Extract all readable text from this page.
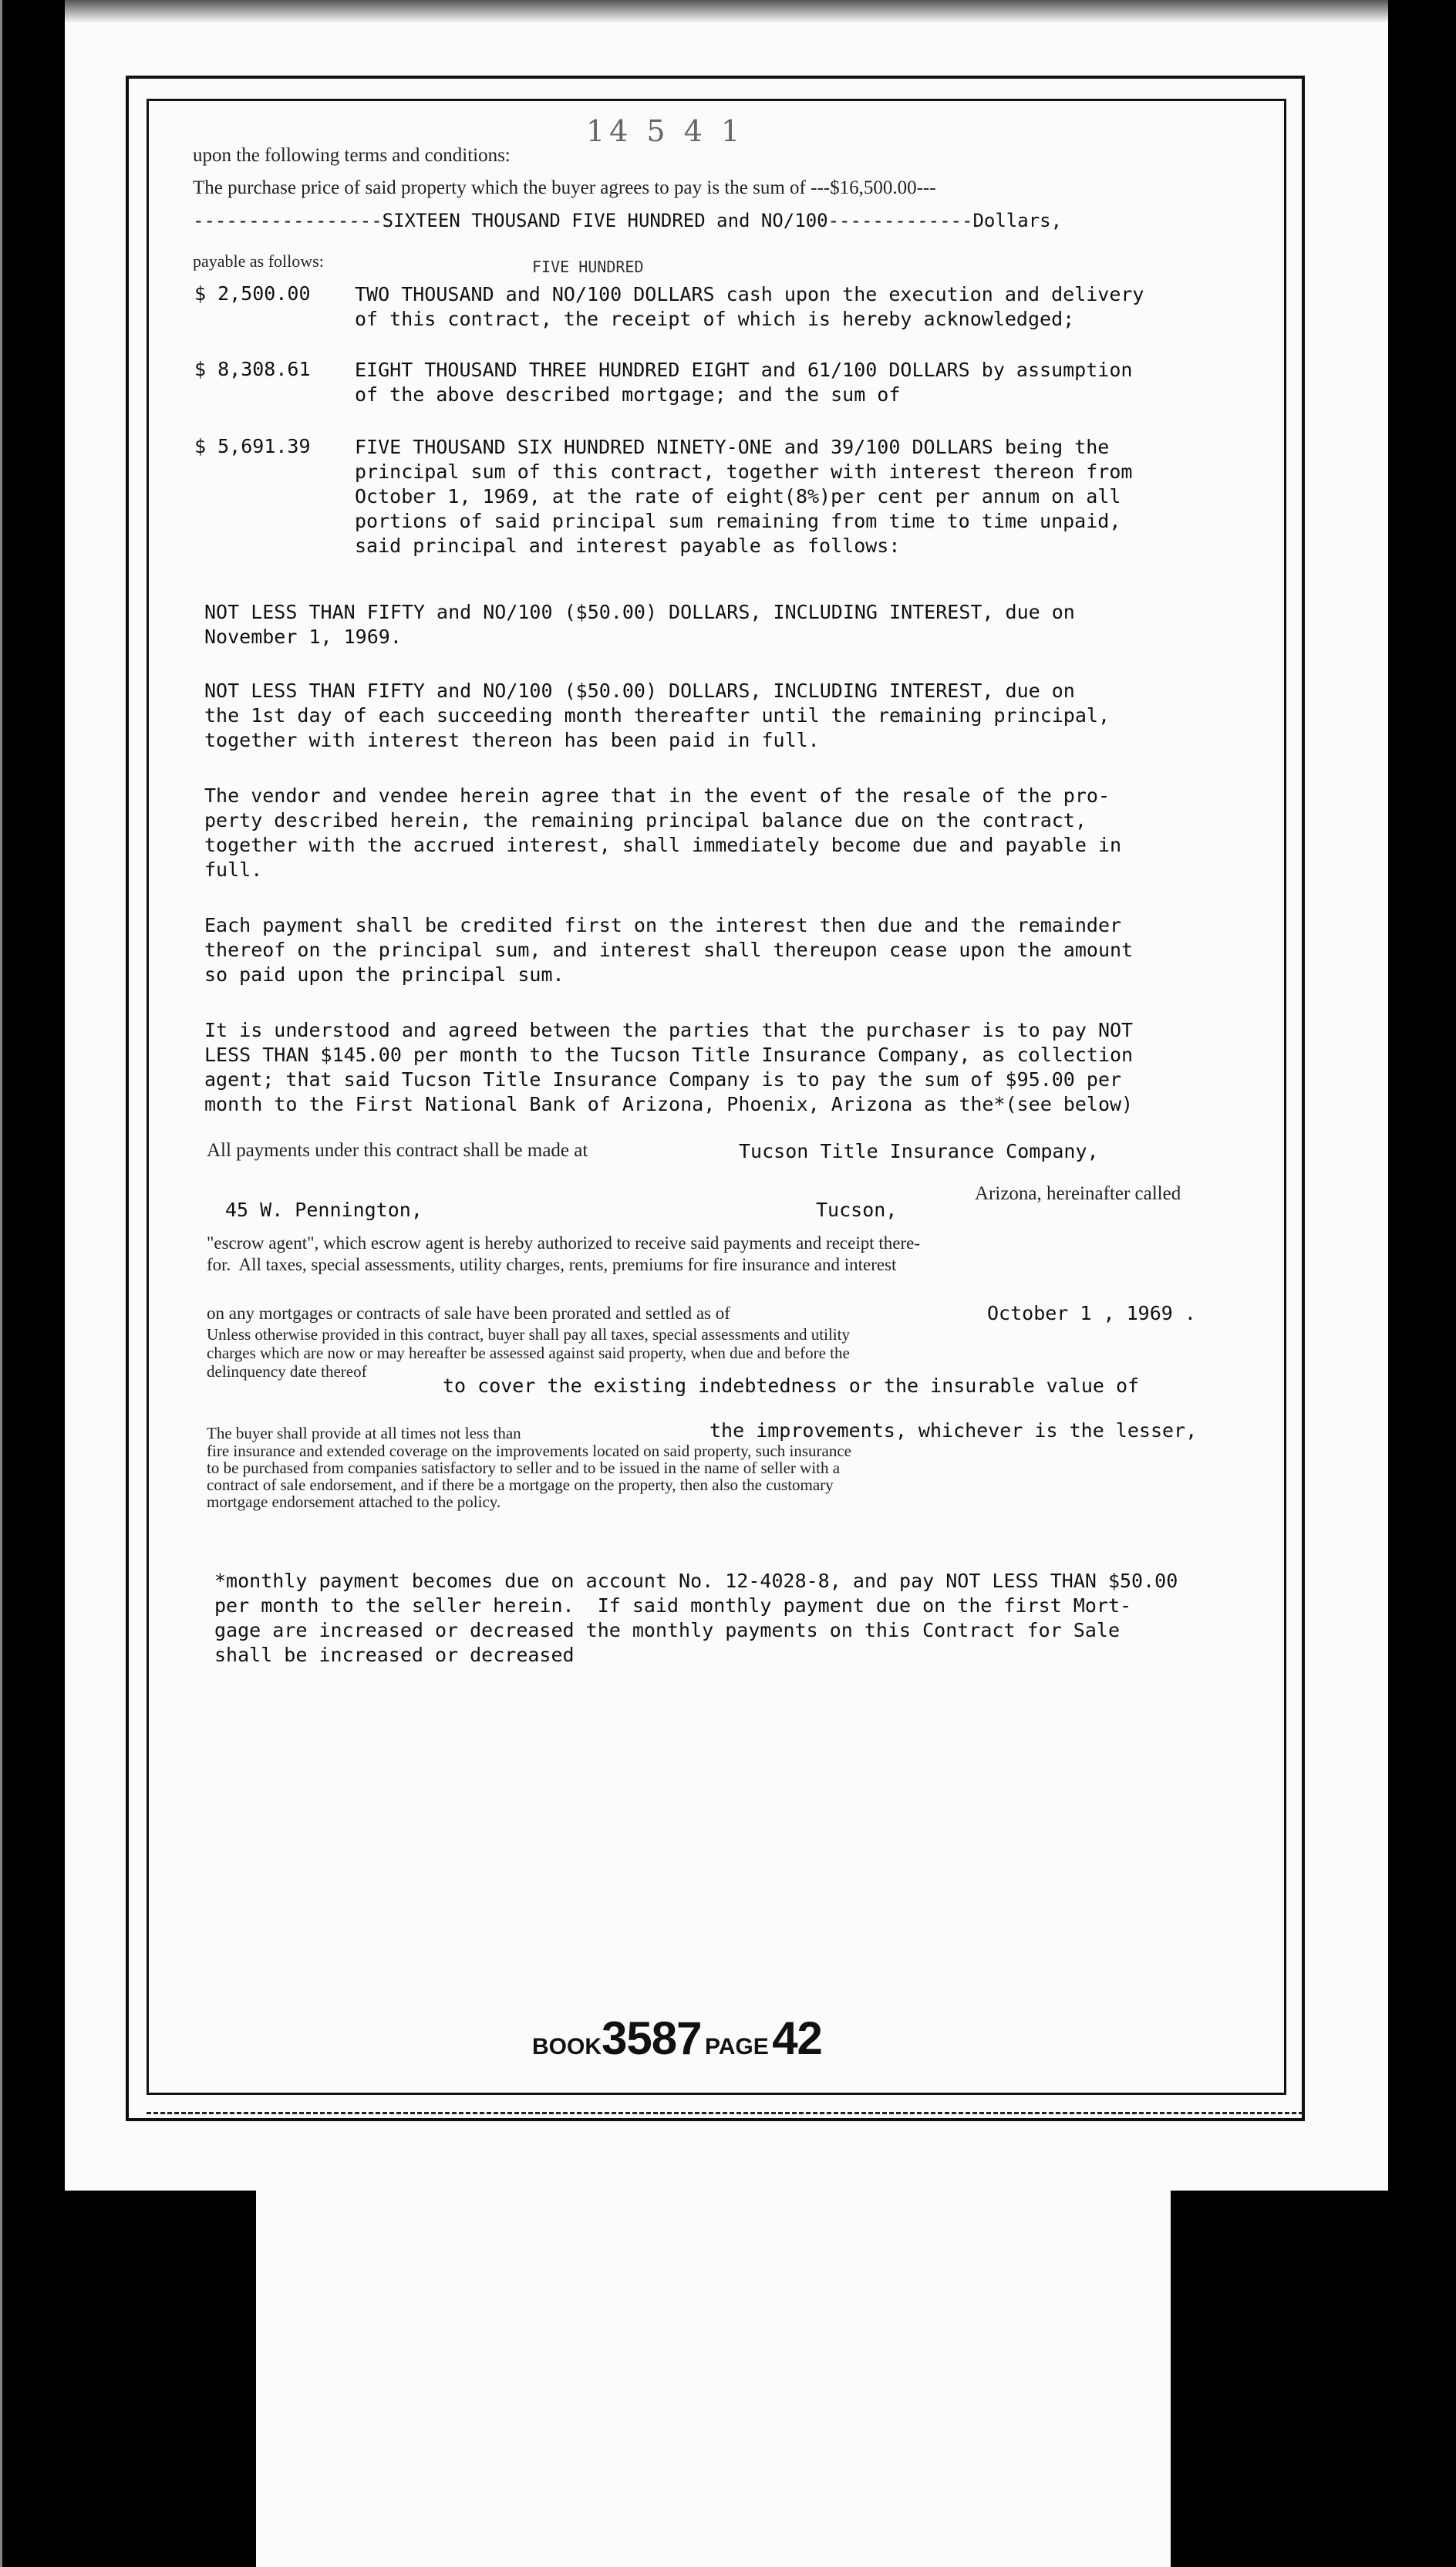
14 5 4 1
upon the following terms and conditions:
The purchase price of said property which the buyer agrees to pay is the sum of ---$16,500.00---
-----------------SIXTEEN THOUSAND FIVE HUNDRED and NO/100-------------Dollars,
payable as follows:	FIVE HUNDRED
$ 2,500.00 TWO THOUSAND and NO/100 DOLLARS cash upon the execution and delivery
of this contract, the receipt of which is hereby acknowledged;
$ 8,308.61 EIGHT THOUSAND THREE HUNDRED EIGHT and 61/100 DOLLARS by assumption
of the above described mortgage; and the sum of
$ 5,691.39 FIVE THOUSAND SIX HUNDRED NINETY-ONE and 39/100 DOLLARS being the
principal sum of this contract, together with interest thereon from
October 1, 1969, at the rate of eight(8%)per cent per annum on all
portions of said principal sum remaining from time to time unpaid,
said principal and interest payable as follows:
NOT LESS THAN FIFTY and NO/100 ($50.00) DOLLARS, INCLUDING INTEREST, due on
November 1, 1969.
NOT LESS THAN FIFTY and NO/100 ($50.00) DOLLARS, INCLUDING INTEREST, due on
the 1st day of each succeeding month thereafter until the remaining principal,
together with interest thereon has been paid in full.
The vendor and vendee herein agree that in the event of the resale of the pro-
perty described herein, the remaining principal balance due on the contract,
together with the accrued interest, shall immediately become due and payable in
full.
Each payment shall be credited first on the interest then due and the remainder
thereof on the principal sum, and interest shall thereupon cease upon the amount
so paid upon the principal sum.
It is understood and agreed between the parties that the purchaser is to pay NOT
LESS THAN $145.00 per month to the Tucson Title Insurance Company, as collection
agent; that said Tucson Title Insurance Company is to pay the sum of $95.00 per
month to the First National Bank of Arizona, Phoenix, Arizona as the*(see below)
All payments under this contract shall be made at	Tucson Title Insurance Company,
45 W. Pennington,	Tucson,
Arizona, hereinafter called
"escrow agent", which escrow agent is hereby authorized to receive said payments and receipt there-
for.  All taxes, special assessments, utility charges, rents, premiums for fire insurance and interest
on any mortgages or contracts of sale have been prorated and settled as of	October 1 , 1969 .
Unless otherwise provided in this contract, buyer shall pay all taxes, special assessments and utility
charges which are now or may hereafter be assessed against said property, when due and before the
delinquency date thereof
to cover the existing indebtedness or the insurable value of
The buyer shall provide at all times not less than	the improvements, whichever is the lesser,
fire insurance and extended coverage on the improvements located on said property, such insurance
to be purchased from companies satisfactory to seller and to be issued in the name of seller with a
contract of sale endorsement, and if there be a mortgage on the property, then also the customary
mortgage endorsement attached to the policy.
*monthly payment becomes due on account No. 12-4028-8, and pay NOT LESS THAN $50.00
per month to the seller herein.  If said monthly payment due on the first Mort-
gage are increased or decreased the monthly payments on this Contract for Sale
shall be increased or decreased
BOOK3587 PAGE 42
